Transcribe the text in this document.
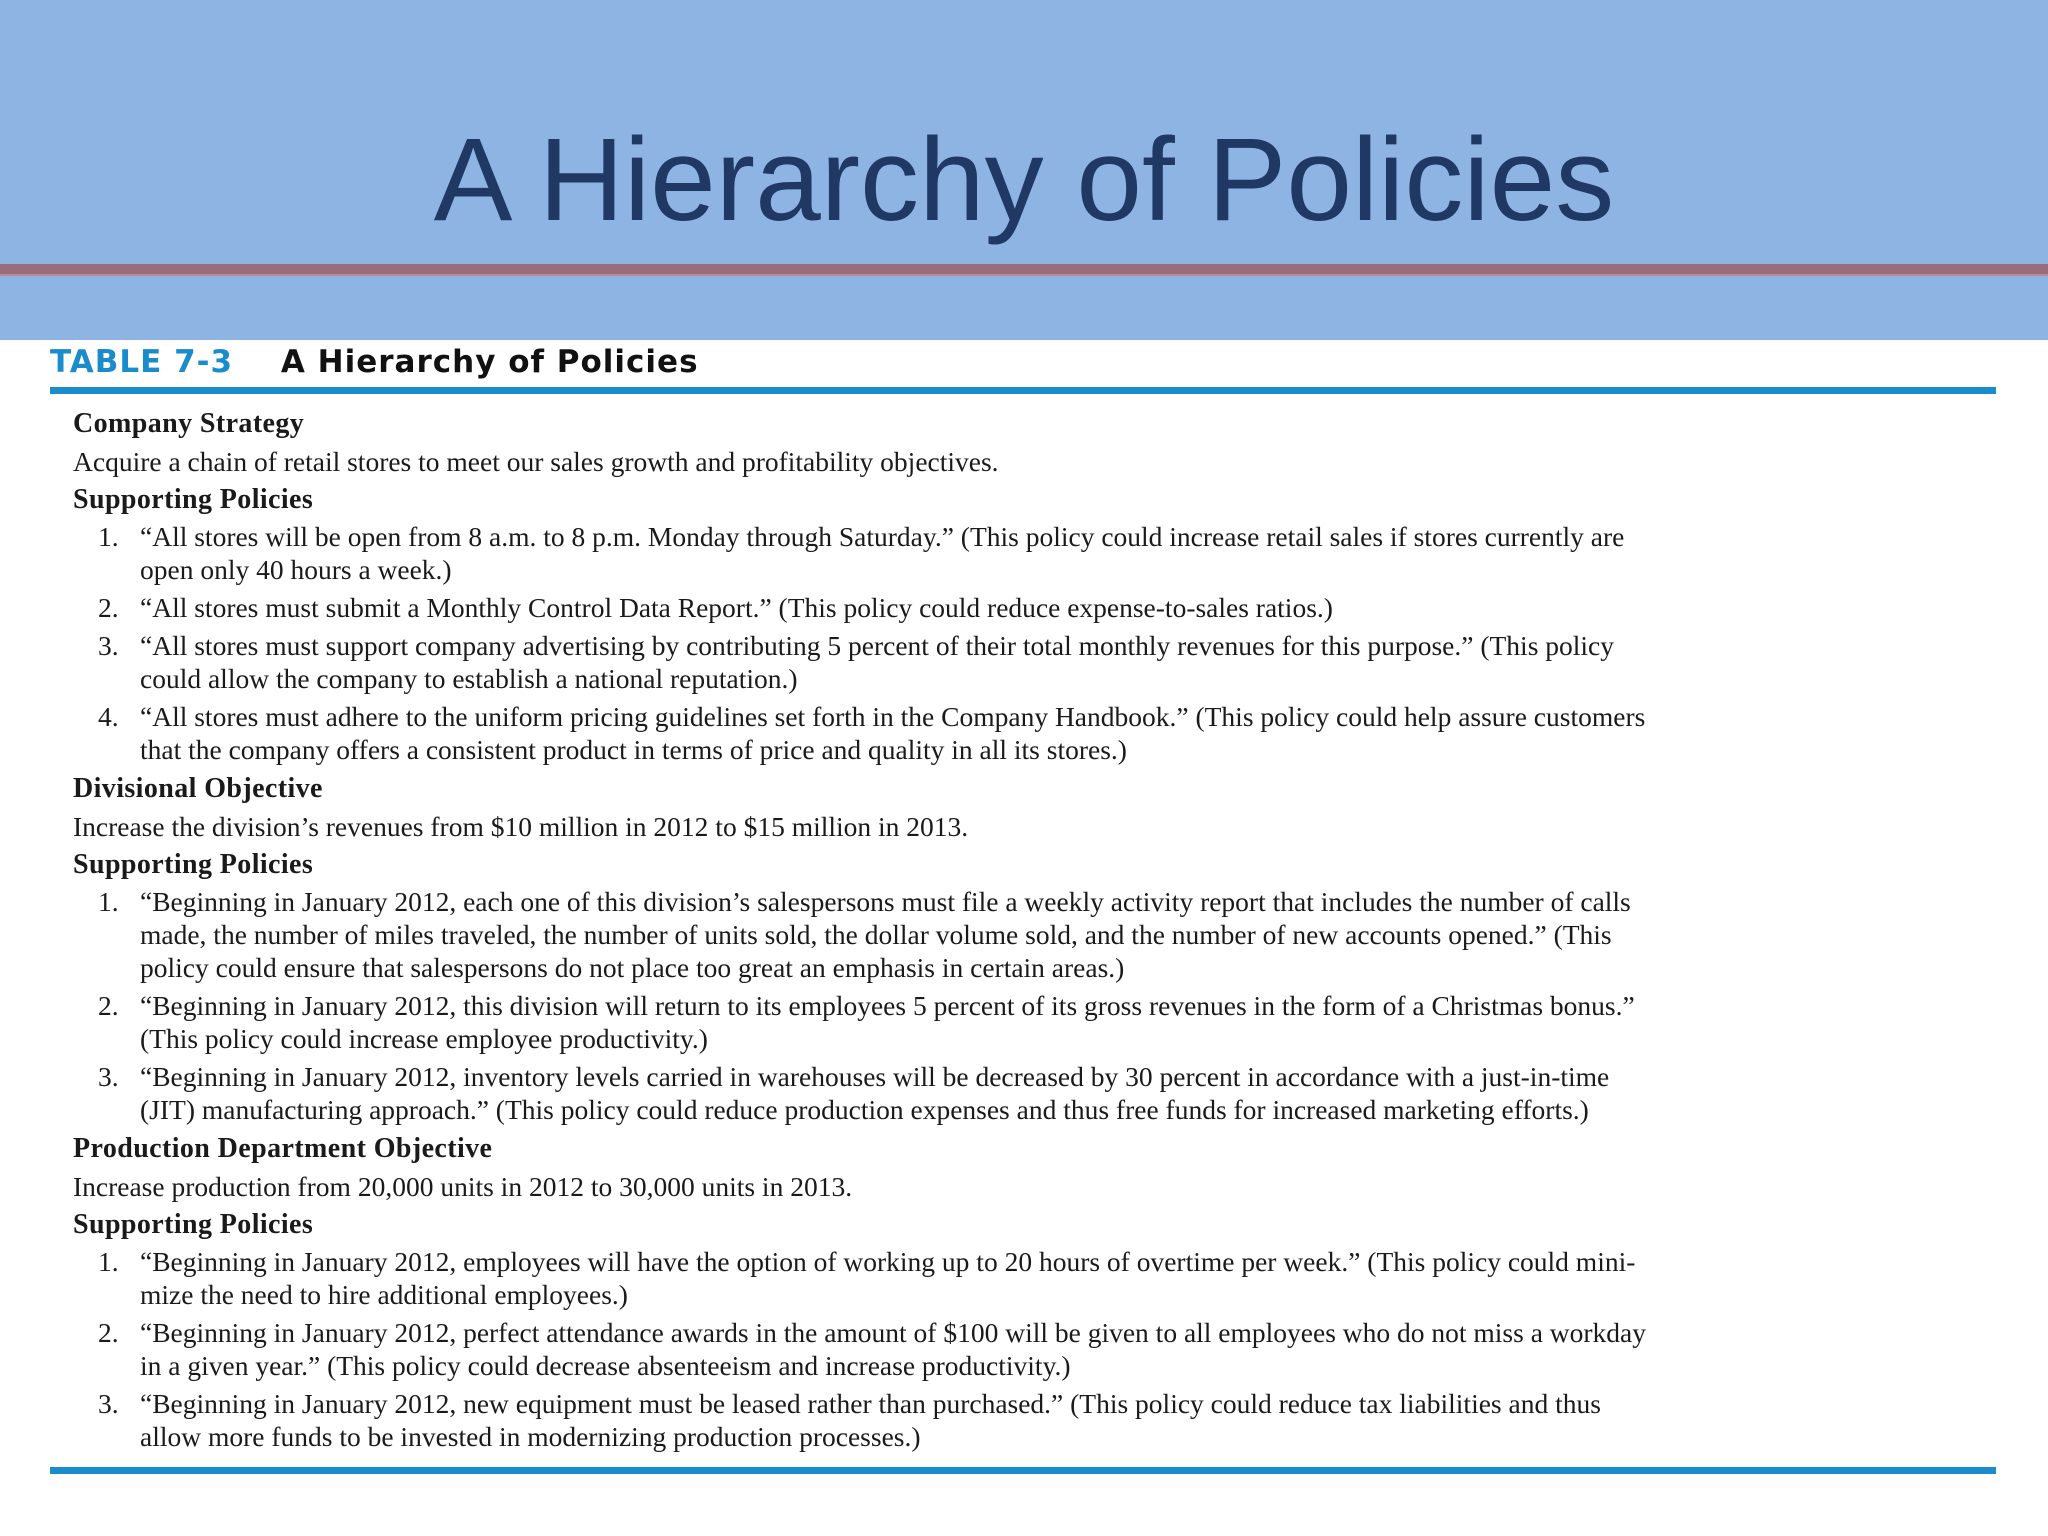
A Hierarchy of Policies
TABLE 7-3 A Hierarchy of Policies
Company Strategy
Acquire a chain of retail stores to meet our sales growth and profitability objectives.
Supporting Policies
1. “All stores will be open from 8 a.m. to 8 p.m. Monday through Saturday.” (This policy could increase retail sales if stores currently are
open only 40 hours a week.)
2. “All stores must submit a Monthly Control Data Report.” (This policy could reduce expense-to-sales ratios.)
3. “All stores must support company advertising by contributing 5 percent of their total monthly revenues for this purpose.” (This policy
could allow the company to establish a national reputation.)
4. “All stores must adhere to the uniform pricing guidelines set forth in the Company Handbook.” (This policy could help assure customers
that the company offers a consistent product in terms of price and quality in all its stores.)
Divisional Objective
Increase the division’s revenues from $10 million in 2012 to $15 million in 2013.
Supporting Policies
1. “Beginning in January 2012, each one of this division’s salespersons must file a weekly activity report that includes the number of calls
made, the number of miles traveled, the number of units sold, the dollar volume sold, and the number of new accounts opened.” (This
policy could ensure that salespersons do not place too great an emphasis in certain areas.)
2. “Beginning in January 2012, this division will return to its employees 5 percent of its gross revenues in the form of a Christmas bonus.”
(This policy could increase employee productivity.)
3. “Beginning in January 2012, inventory levels carried in warehouses will be decreased by 30 percent in accordance with a just-in-time
(JIT) manufacturing approach.” (This policy could reduce production expenses and thus free funds for increased marketing efforts.)
Production Department Objective
Increase production from 20,000 units in 2012 to 30,000 units in 2013.
Supporting Policies
1. “Beginning in January 2012, employees will have the option of working up to 20 hours of overtime per week.” (This policy could mini-
mize the need to hire additional employees.)
2. “Beginning in January 2012, perfect attendance awards in the amount of $100 will be given to all employees who do not miss a workday
in a given year.” (This policy could decrease absenteeism and increase productivity.)
3. “Beginning in January 2012, new equipment must be leased rather than purchased.” (This policy could reduce tax liabilities and thus
allow more funds to be invested in modernizing production processes.)
